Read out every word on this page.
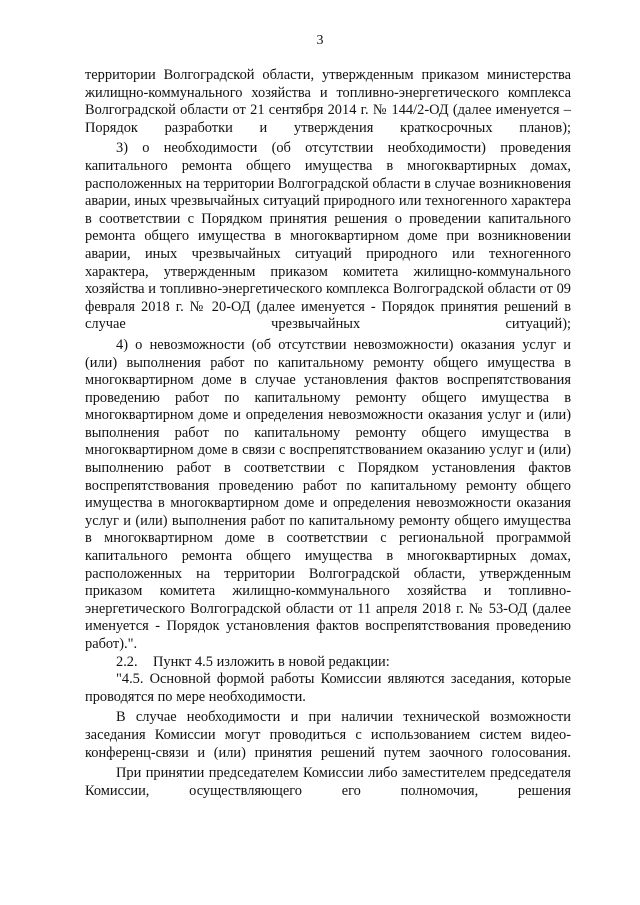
3

территории Волгоградской области, утвержденным приказом министерства жилищно-коммунального хозяйства и топливно-энергетического комплекса Волгоградской области от 21 сентября 2014 г. № 144/2-ОД (далее именуется – Порядок разработки и утверждения краткосрочных планов);

3) о необходимости (об отсутствии необходимости) проведения капитального ремонта общего имущества в многоквартирных домах, расположенных на территории Волгоградской области в случае возникновения аварии, иных чрезвычайных ситуаций природного или техногенного характера в соответствии с Порядком принятия решения о проведении капитального ремонта общего имущества в многоквартирном доме при возникновении аварии, иных чрезвычайных ситуаций природного или техногенного характера, утвержденным приказом комитета жилищно-коммунального хозяйства и топливно-энергетического комплекса Волгоградской области от 09 февраля 2018 г. № 20-ОД (далее именуется - Порядок принятия решений в случае чрезвычайных ситуаций);

4) о невозможности (об отсутствии невозможности) оказания услуг и (или) выполнения работ по капитальному ремонту общего имущества в многоквартирном доме в случае установления фактов воспрепятствования проведению работ по капитальному ремонту общего имущества в многоквартирном доме и определения невозможности оказания услуг и (или) выполнения работ по капитальному ремонту общего имущества в многоквартирном доме в связи с воспрепятствованием оказанию услуг и (или) выполнению работ в соответствии с Порядком установления фактов воспрепятствования проведению работ по капитальному ремонту общего имущества в многоквартирном доме и определения невозможности оказания услуг и (или) выполнения работ по капитальному ремонту общего имущества в многоквартирном доме в соответствии с региональной программой капитального ремонта общего имущества в многоквартирных домах, расположенных на территории Волгоградской области, утвержденным приказом комитета жилищно-коммунального хозяйства и топливно-энергетического Волгоградской области от 11 апреля 2018 г. № 53-ОД (далее именуется - Порядок установления фактов воспрепятствования проведению работ).".

2.2. Пункт 4.5 изложить в новой редакции:

"4.5. Основной формой работы Комиссии являются заседания, которые проводятся по мере необходимости.

В случае необходимости и при наличии технической возможности заседания Комиссии могут проводиться с использованием систем видео-конференц-связи и (или) принятия решений путем заочного голосования.

При принятии председателем Комиссии либо заместителем председателя Комиссии, осуществляющего его полномочия, решения
